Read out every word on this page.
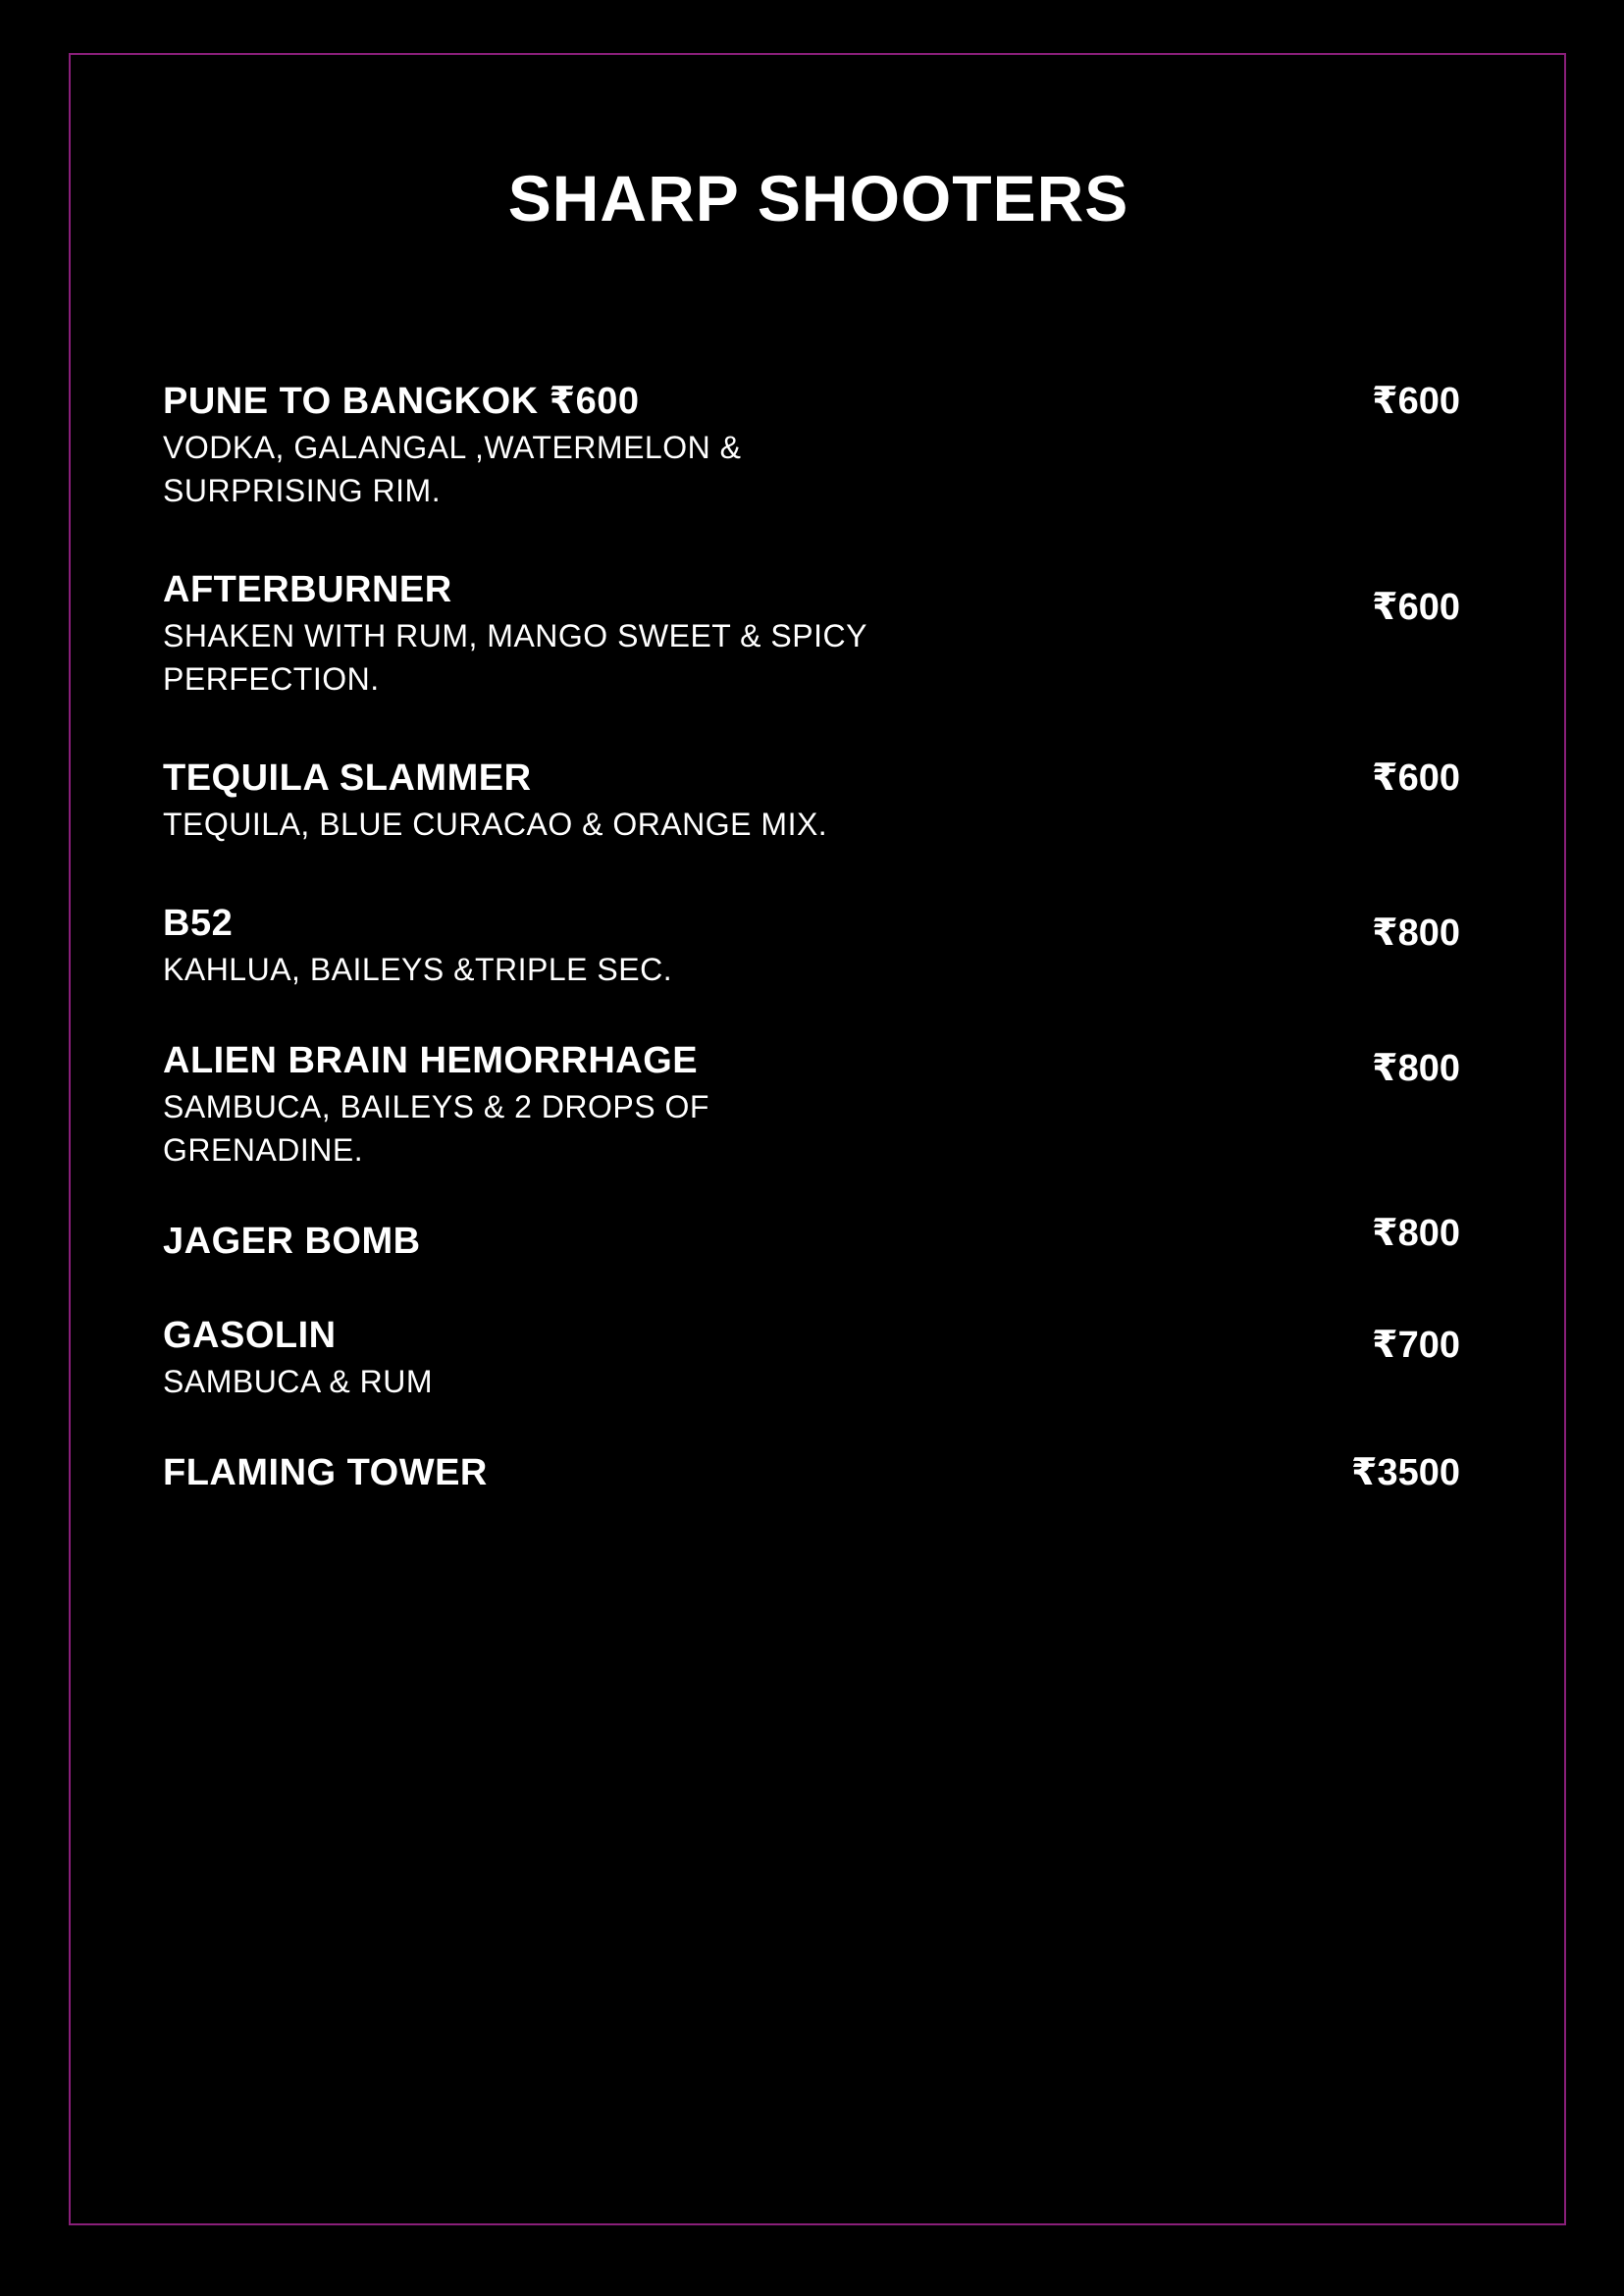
SHARP SHOOTERS
PUNE TO BANGKOK ₹600
VODKA, GALANGAL ,WATERMELON & SURPRISING RIM.
₹600
AFTERBURNER
SHAKEN WITH RUM, MANGO SWEET & SPICY PERFECTION.
₹600
TEQUILA SLAMMER
TEQUILA, BLUE CURACAO & ORANGE MIX.
₹600
B52
KAHLUA, BAILEYS &TRIPLE SEC.
₹800
ALIEN BRAIN HEMORRHAGE
SAMBUCA, BAILEYS & 2 DROPS OF GRENADINE.
₹800
JAGER BOMB	₹800
GASOLIN
SAMBUCA & RUM
₹700
FLAMING TOWER	₹3500
